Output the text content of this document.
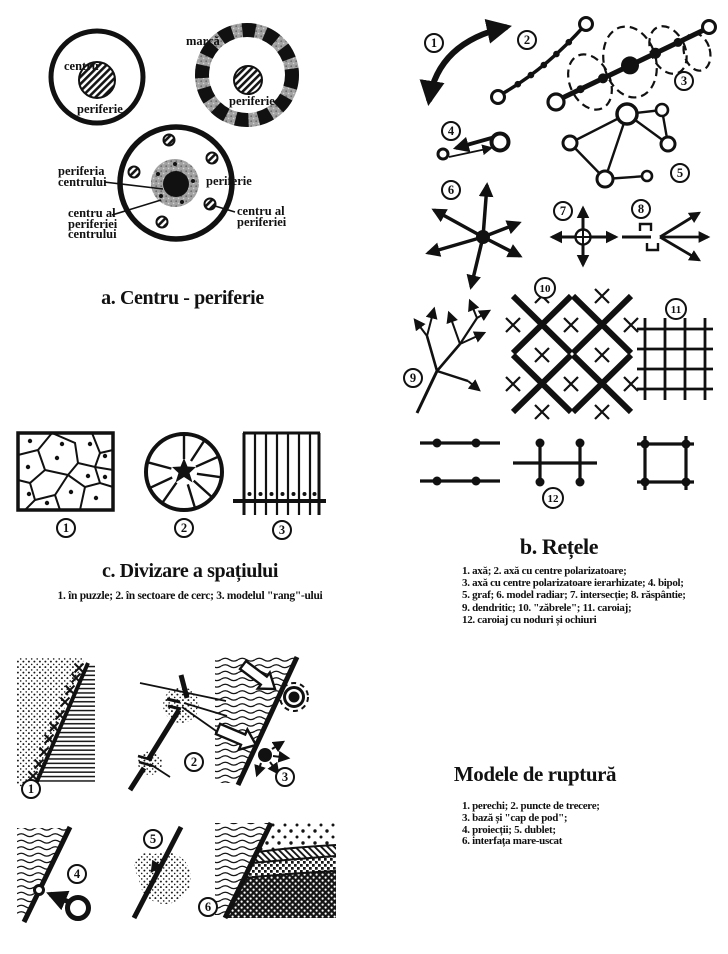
centru
periferie
marcă
periferie
periferia centrului	periferie
centru al periferiei centrului
centru al periferiei
a. Centru - periferie
1	2
3
4
5
6
7	8
9
10
11
12
b. Rețele
1. axă; 2. axă cu centre polarizatoare;
3. axă cu centre polarizatoare ierarhizate; 4. bipol;
5. graf; 6. model radiar; 7. intersecție; 8. răspântie;
9. dendritic; 10. "zăbrele"; 11. caroiaj;
12. caroiaj cu noduri și ochiuri
1	2	3
c. Divizare a spațiului
1. în puzzle; 2. în sectoare de cerc; 3. modelul "rang"-ului
1
2
3
4
5
6
Modele de ruptură
1. perechi; 2. puncte de trecere;
3. bază și "cap de pod";
4. proiecții; 5. dublet;
6. interfața mare-uscat
